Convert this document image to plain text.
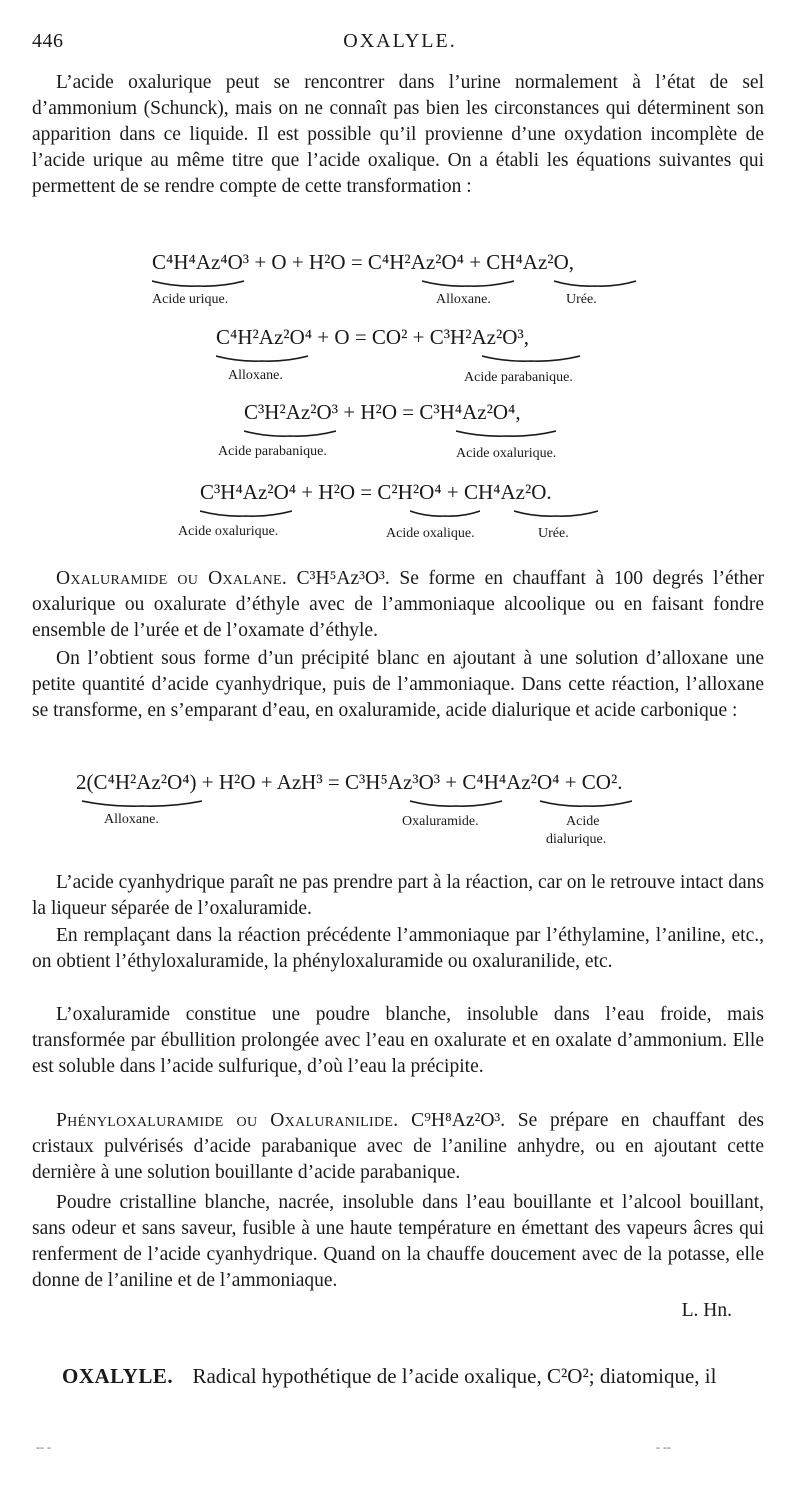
446	OXALYLE.

L’acide oxalurique peut se rencontrer dans l’urine normalement à l’état de sel d’ammonium (Schunck), mais on ne connaît pas bien les circonstances qui déterminent son apparition dans ce liquide. Il est possible qu’il provienne d’une oxydation incomplète de l’acide urique au même titre que l’acide oxalique. On a établi les équations suivantes qui permettent de se rendre compte de cette transformation :

C⁴H⁴Az⁴O³ + O + H²O = C⁴H²Az²O⁴ + CH⁴Az²O,
Acide urique.	Alloxane.	Urée.
C⁴H²Az²O⁴ + O = CO² + C³H²Az²O³,
Alloxane.	Acide parabanique.
C³H²Az²O³ + H²O = C³H⁴Az²O⁴,
Acide parabanique.	Acide oxalurique.
C³H⁴Az²O⁴ + H²O = C²H²O⁴ + CH⁴Az²O.
Acide oxalurique.	Acide oxalique.	Urée.

Oxaluramide ou Oxalane. C³H⁵Az³O³. Se forme en chauffant à 100 degrés l’éther oxalurique ou oxalurate d’éthyle avec de l’ammoniaque alcoolique ou en faisant fondre ensemble de l’urée et de l’oxamate d’éthyle.

On l’obtient sous forme d’un précipité blanc en ajoutant à une solution d’alloxane une petite quantité d’acide cyanhydrique, puis de l’ammoniaque. Dans cette réaction, l’alloxane se transforme, en s’emparant d’eau, en oxaluramide, acide dialurique et acide carbonique :

2(C⁴H²Az²O⁴) + H²O + AzH³ = C³H⁵Az³O³ + C⁴H⁴Az²O⁴ + CO².
Alloxane.	Oxaluramide.	Acide
dialurique.

L’acide cyanhydrique paraît ne pas prendre part à la réaction, car on le retrouve intact dans la liqueur séparée de l’oxaluramide.

En remplaçant dans la réaction précédente l’ammoniaque par l’éthylamine, l’aniline, etc., on obtient l’éthyloxaluramide, la phényloxaluramide ou oxaluranilide, etc.

L’oxaluramide constitue une poudre blanche, insoluble dans l’eau froide, mais transformée par ébullition prolongée avec l’eau en oxalurate et en oxalate d’ammonium. Elle est soluble dans l’acide sulfurique, d’où l’eau la précipite.

Phényloxaluramide ou Oxaluranilide. C⁹H⁸Az²O³. Se prépare en chauffant des cristaux pulvérisés d’acide parabanique avec de l’aniline anhydre, ou en ajoutant cette dernière à une solution bouillante d’acide parabanique.

Poudre cristalline blanche, nacrée, insoluble dans l’eau bouillante et l’alcool bouillant, sans odeur et sans saveur, fusible à une haute température en émettant des vapeurs âcres qui renferment de l’acide cyanhydrique. Quand on la chauffe doucement avec de la potasse, elle donne de l’aniline et de l’ammoniaque.

L. Hn.
OXALYLE. Radical hypothétique de l’acide oxalique, C²O²; diatomique, il
-- -	- --
